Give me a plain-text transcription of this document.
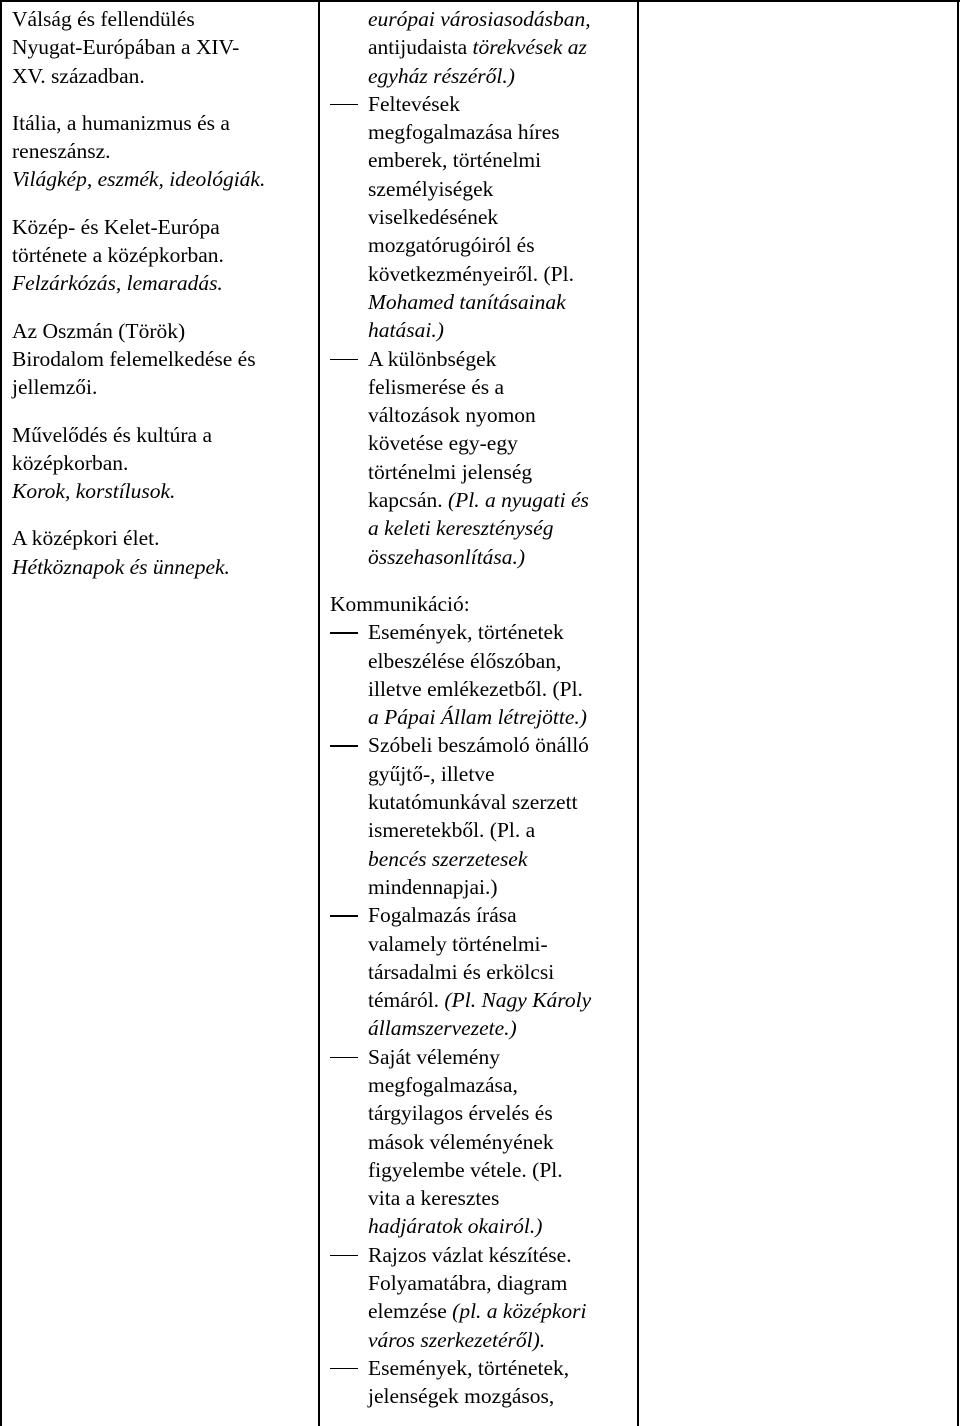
Válság és fellendülés
Nyugat-Európában a XIV-
XV. században.
Itália, a humanizmus és a
reneszánsz.
Világkép, eszmék, ideológiák.
Közép- és Kelet-Európa
története a középkorban.
Felzárkózás, lemaradás.
Az Oszmán (Török)
Birodalom felemelkedése és
jellemzői.
Művelődés és kultúra a
középkorban.
Korok, korstílusok.
A középkori élet.
Hétköznapok és ünnepek.
európai városiasodásban,
antijudaista törekvések az
egyház részéről.)
Feltevések
megfogalmazása híres
emberek, történelmi
személyiségek
viselkedésének
mozgatórugóiról és
következményeiről. (Pl.
Mohamed tanításainak
hatásai.)
A különbségek
felismerése és a
változások nyomon
követése egy-egy
történelmi jelenség
kapcsán. (Pl. a nyugati és
a keleti kereszténység
összehasonlítása.)
Kommunikáció:
Események, történetek
elbeszélése élőszóban,
illetve emlékezetből. (Pl.
a Pápai Állam létrejötte.)
Szóbeli beszámoló önálló
gyűjtő-, illetve
kutatómunkával szerzett
ismeretekből. (Pl. a
bencés szerzetesek
mindennapjai.)
Fogalmazás írása
valamely történelmi-
társadalmi és erkölcsi
témáról. (Pl. Nagy Károly
államszervezete.)
Saját vélemény
megfogalmazása,
tárgyilagos érvelés és
mások véleményének
figyelembe vétele. (Pl.
vita a keresztes
hadjáratok okairól.)
Rajzos vázlat készítése.
Folyamatábra, diagram
elemzése (pl. a középkori
város szerkezetéről).
Események, történetek,
jelenségek mozgásos,
